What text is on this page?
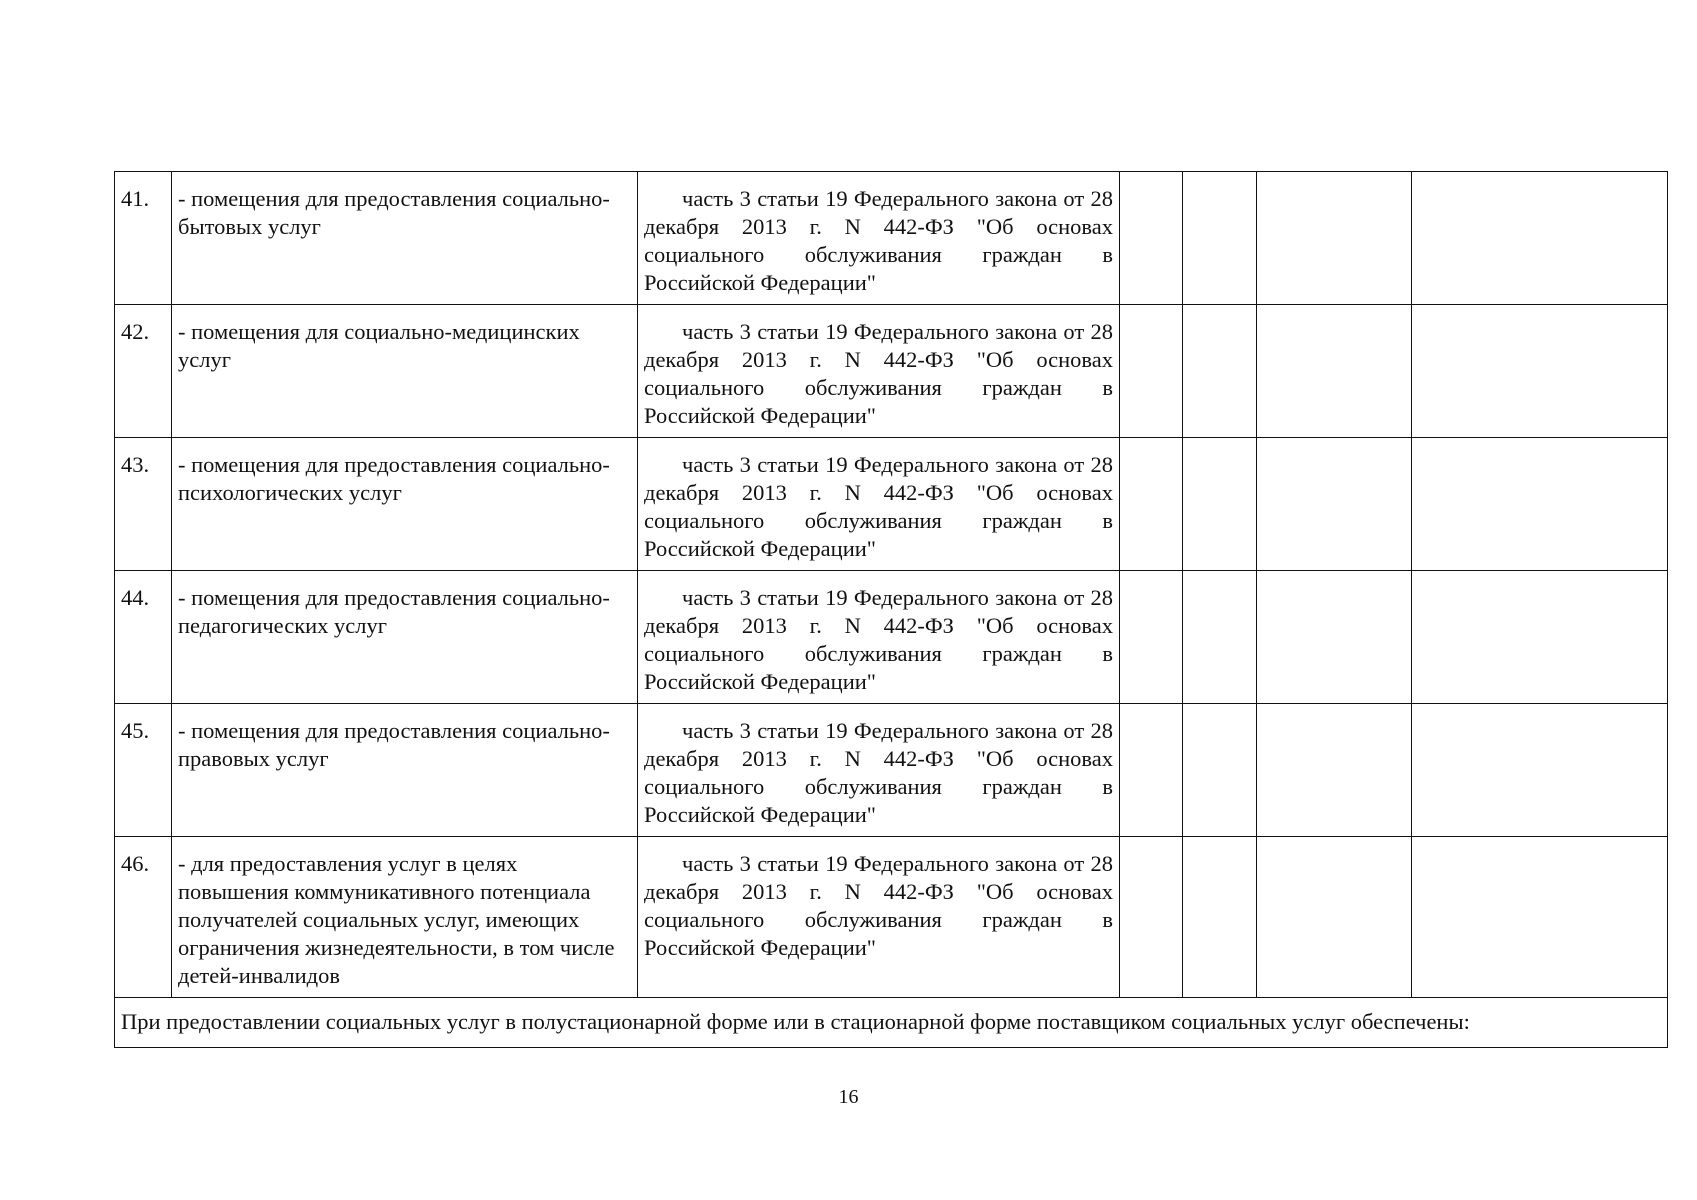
41.	- помещения для предоставления социально-бытовых услуг	часть 3 статьи 19 Федерального закона от 28 декабря 2013 г. N 442-ФЗ "Об основах социального обслуживания граждан в Российской Федерации"				
42.	- помещения для социально-медицинских услуг	часть 3 статьи 19 Федерального закона от 28 декабря 2013 г. N 442-ФЗ "Об основах социального обслуживания граждан в Российской Федерации"				
43.	- помещения для предоставления социально-психологических услуг	часть 3 статьи 19 Федерального закона от 28 декабря 2013 г. N 442-ФЗ "Об основах социального обслуживания граждан в Российской Федерации"				
44.	- помещения для предоставления социально-педагогических услуг	часть 3 статьи 19 Федерального закона от 28 декабря 2013 г. N 442-ФЗ "Об основах социального обслуживания граждан в Российской Федерации"				
45.	- помещения для предоставления социально-правовых услуг	часть 3 статьи 19 Федерального закона от 28 декабря 2013 г. N 442-ФЗ "Об основах социального обслуживания граждан в Российской Федерации"				
46.	- для предоставления услуг в целях повышения коммуникативного потенциала получателей социальных услуг, имеющих ограничения жизнедеятельности, в том числе детей-инвалидов	часть 3 статьи 19 Федерального закона от 28 декабря 2013 г. N 442-ФЗ "Об основах социального обслуживания граждан в Российской Федерации"				
При предоставлении социальных услуг в полустационарной форме или в стационарной форме поставщиком социальных услуг обеспечены:						
16
